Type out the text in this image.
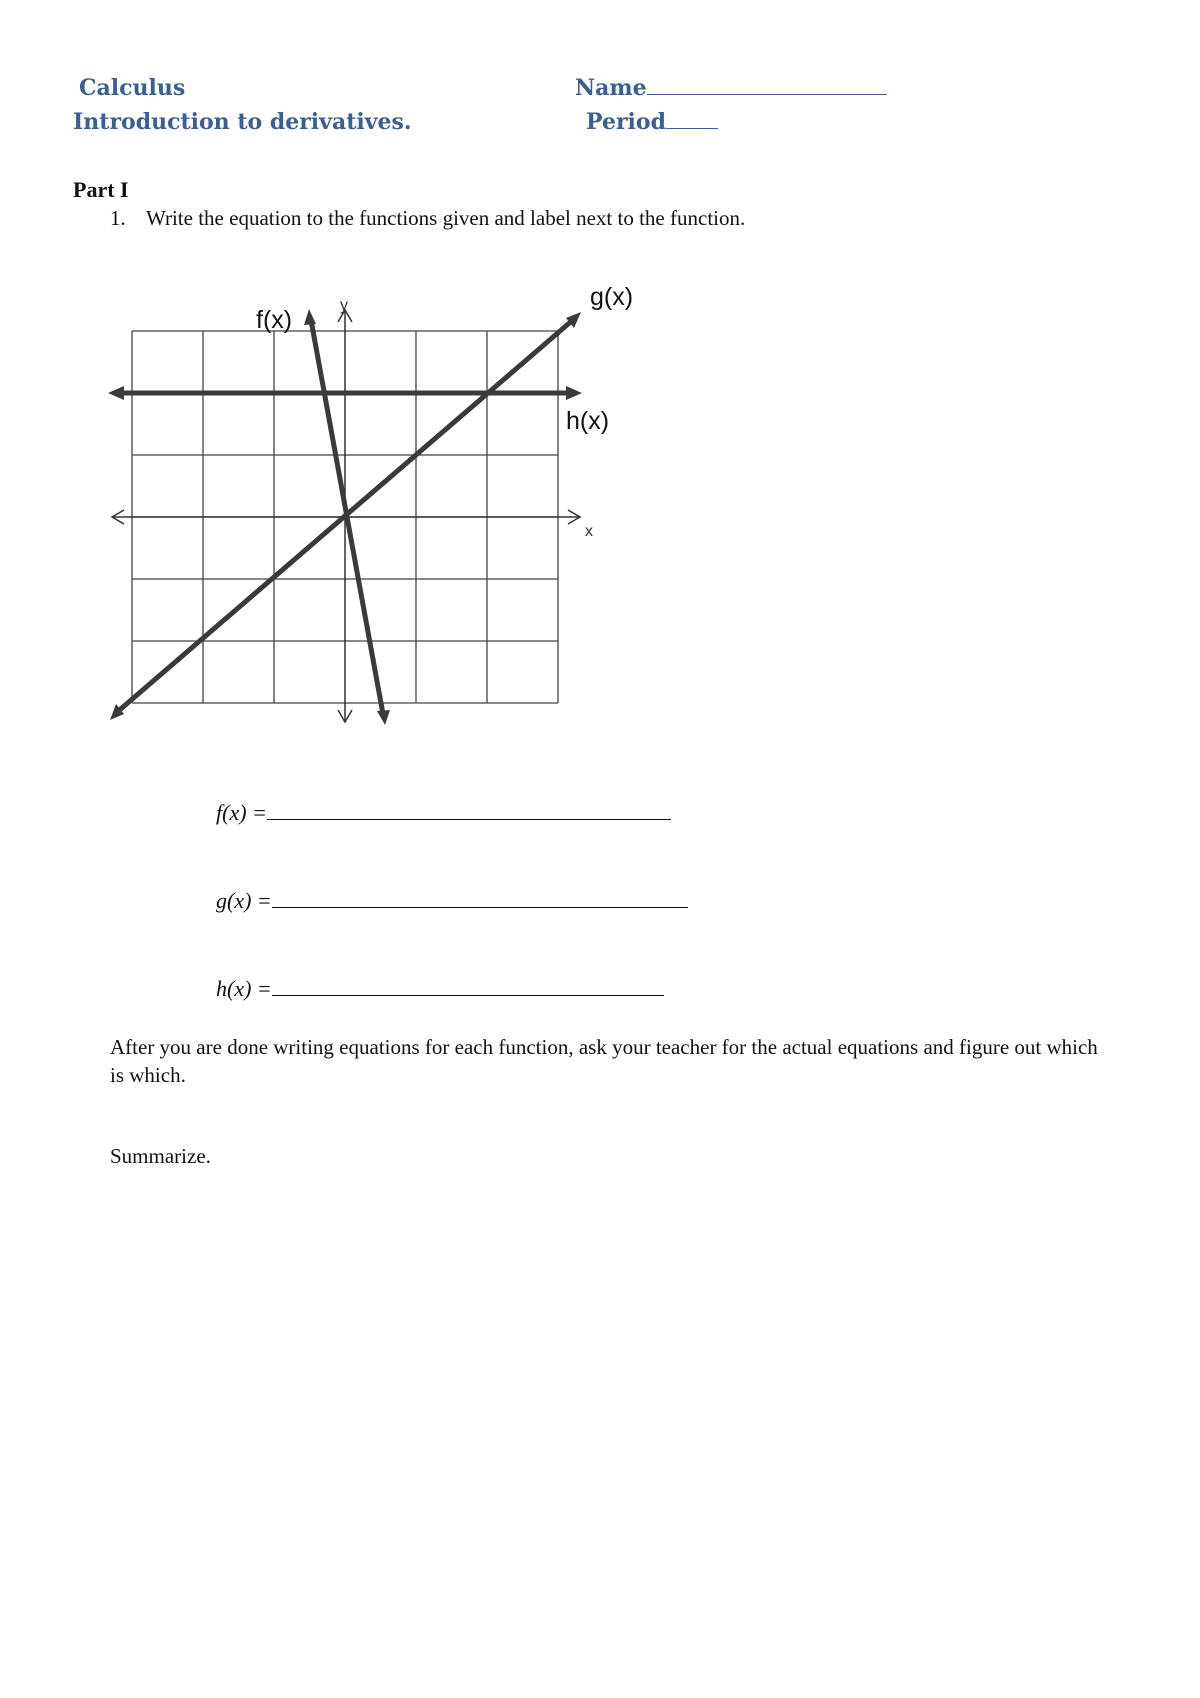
Calculus
Introduction to derivatives.
Name
Period
Part I
1. Write the equation to the functions given and label next to the function.
f(x)
g(x)
h(x)
x
y
f(x) =
g(x) =
h(x) =
After you are done writing equations for each function, ask your teacher for the actual equations and figure out which is which.
Summarize.
